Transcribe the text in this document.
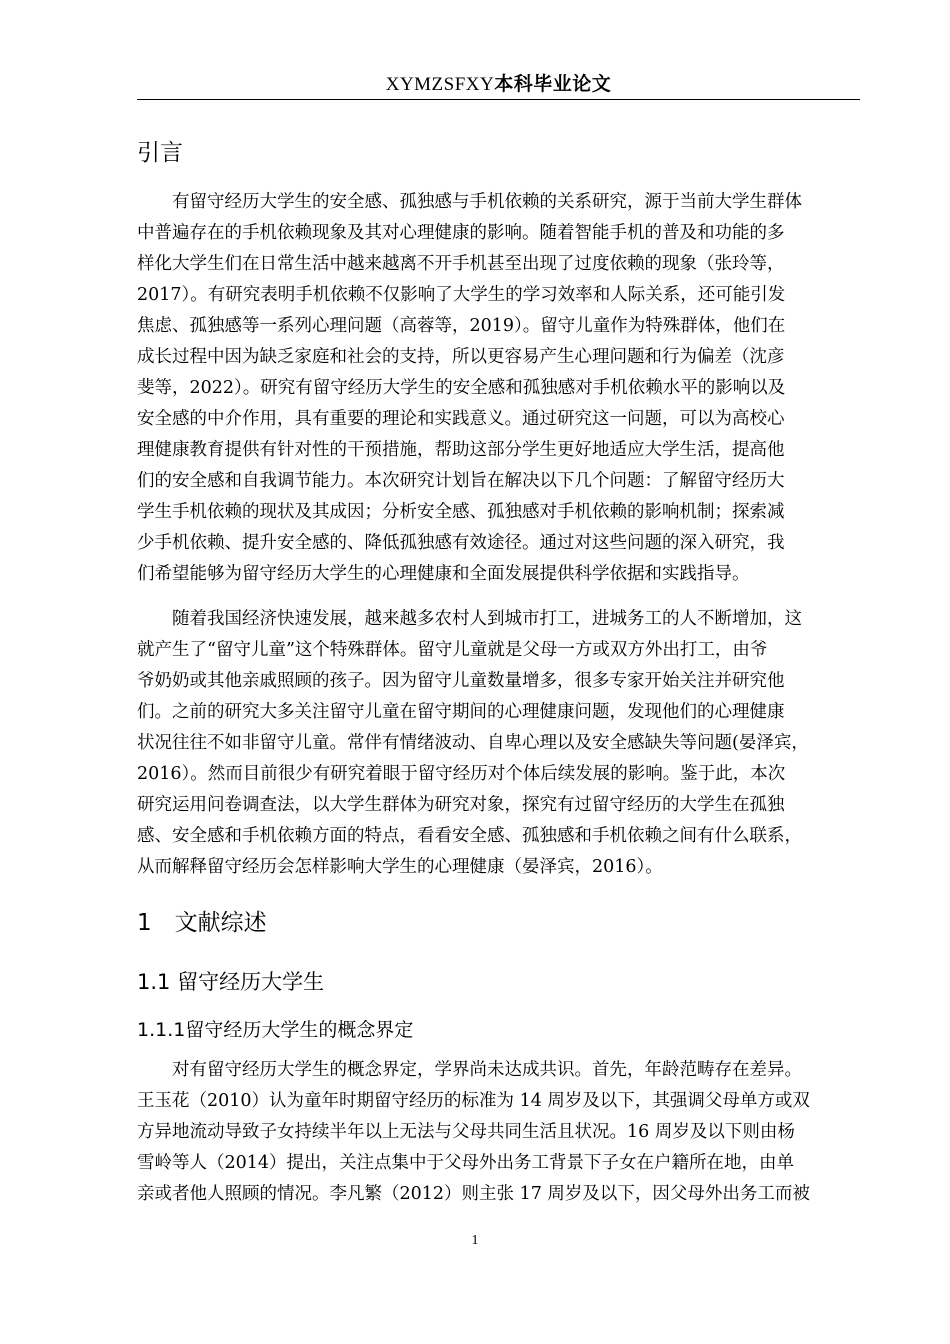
XYMZSFXY本科毕业论文
引言
　　有留守经历大学生的安全感、孤独感与手机依赖的关系研究，源于当前大学生群体
中普遍存在的手机依赖现象及其对心理健康的影响。随着智能手机的普及和功能的多
样化大学生们在日常生活中越来越离不开手机甚至出现了过度依赖的现象（张玲等，
2017）。有研究表明手机依赖不仅影响了大学生的学习效率和人际关系，还可能引发
焦虑、孤独感等一系列心理问题（高蓉等，2019）。留守儿童作为特殊群体，他们在
成长过程中因为缺乏家庭和社会的支持，所以更容易产生心理问题和行为偏差（沈彦
斐等，2022）。研究有留守经历大学生的安全感和孤独感对手机依赖水平的影响以及
安全感的中介作用，具有重要的理论和实践意义。通过研究这一问题，可以为高校心
理健康教育提供有针对性的干预措施，帮助这部分学生更好地适应大学生活，提高他
们的安全感和自我调节能力。本次研究计划旨在解决以下几个问题：了解留守经历大
学生手机依赖的现状及其成因；分析安全感、孤独感对手机依赖的影响机制；探索减
少手机依赖、提升安全感的、降低孤独感有效途径。通过对这些问题的深入研究，我
们希望能够为留守经历大学生的心理健康和全面发展提供科学依据和实践指导。
　　随着我国经济快速发展，越来越多农村人到城市打工，进城务工的人不断增加，这
就产生了“留守儿童”这个特殊群体。留守儿童就是父母一方或双方外出打工，由爷
爷奶奶或其他亲戚照顾的孩子。因为留守儿童数量增多，很多专家开始关注并研究他
们。之前的研究大多关注留守儿童在留守期间的心理健康问题，发现他们的心理健康
状况往往不如非留守儿童。常伴有情绪波动、自卑心理以及安全感缺失等问题(晏泽宾，
2016）。然而目前很少有研究着眼于留守经历对个体后续发展的影响。鉴于此，本次
研究运用问卷调查法，以大学生群体为研究对象，探究有过留守经历的大学生在孤独
感、安全感和手机依赖方面的特点，看看安全感、孤独感和手机依赖之间有什么联系，
从而解释留守经历会怎样影响大学生的心理健康（晏泽宾，2016）。
1　文献综述
1.1 留守经历大学生
1.1.1留守经历大学生的概念界定
　　对有留守经历大学生的概念界定，学界尚未达成共识。首先，年龄范畴存在差异。
王玉花（2010）认为童年时期留守经历的标准为 14 周岁及以下，其强调父母单方或双
方异地流动导致子女持续半年以上无法与父母共同生活且状况。16 周岁及以下则由杨
雪岭等人（2014）提出，关注点集中于父母外出务工背景下子女在户籍所在地，由单
亲或者他人照顾的情况。李凡繁（2012）则主张 17 周岁及以下，因父母外出务工而被
1
